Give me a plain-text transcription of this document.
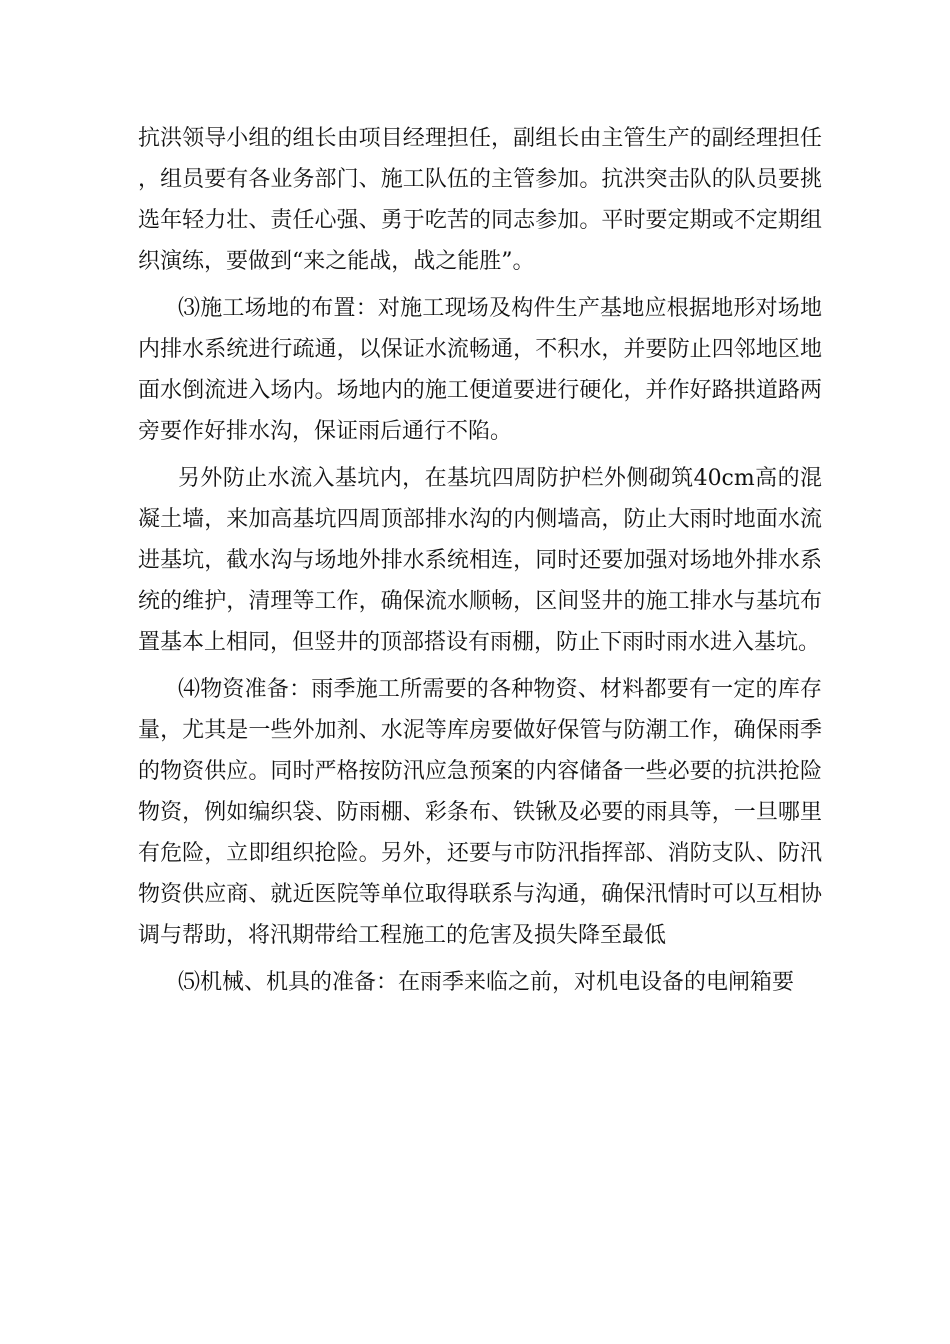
抗洪领导小组的组长由项目经理担任，副组长由主管生产的副经理担任，组员要有各业务部门、施工队伍的主管参加。抗洪突击队的队员要挑选年轻力壮、责任心强、勇于吃苦的同志参加。平时要定期或不定期组织演练，要做到“来之能战，战之能胜”。

⑶施工场地的布置：对施工现场及构件生产基地应根据地形对场地内排水系统进行疏通，以保证水流畅通，不积水，并要防止四邻地区地面水倒流进入场内。场地内的施工便道要进行硬化，并作好路拱道路两旁要作好排水沟，保证雨后通行不陷。

另外防止水流入基坑内，在基坑四周防护栏外侧砌筑40cm高的混凝土墙，来加高基坑四周顶部排水沟的内侧墙高，防止大雨时地面水流进基坑，截水沟与场地外排水系统相连，同时还要加强对场地外排水系统的维护，清理等工作，确保流水顺畅，区间竖井的施工排水与基坑布置基本上相同，但竖井的顶部搭设有雨棚，防止下雨时雨水进入基坑。

⑷物资准备：雨季施工所需要的各种物资、材料都要有一定的库存量，尤其是一些外加剂、水泥等库房要做好保管与防潮工作，确保雨季的物资供应。同时严格按防汛应急预案的内容储备一些必要的抗洪抢险物资，例如编织袋、防雨棚、彩条布、铁锹及必要的雨具等，一旦哪里有危险，立即组织抢险。另外，还要与市防汛指挥部、消防支队、防汛物资供应商、就近医院等单位取得联系与沟通，确保汛情时可以互相协调与帮助，将汛期带给工程施工的危害及损失降至最低

⑸机械、机具的准备：在雨季来临之前，对机电设备的电闸箱要
